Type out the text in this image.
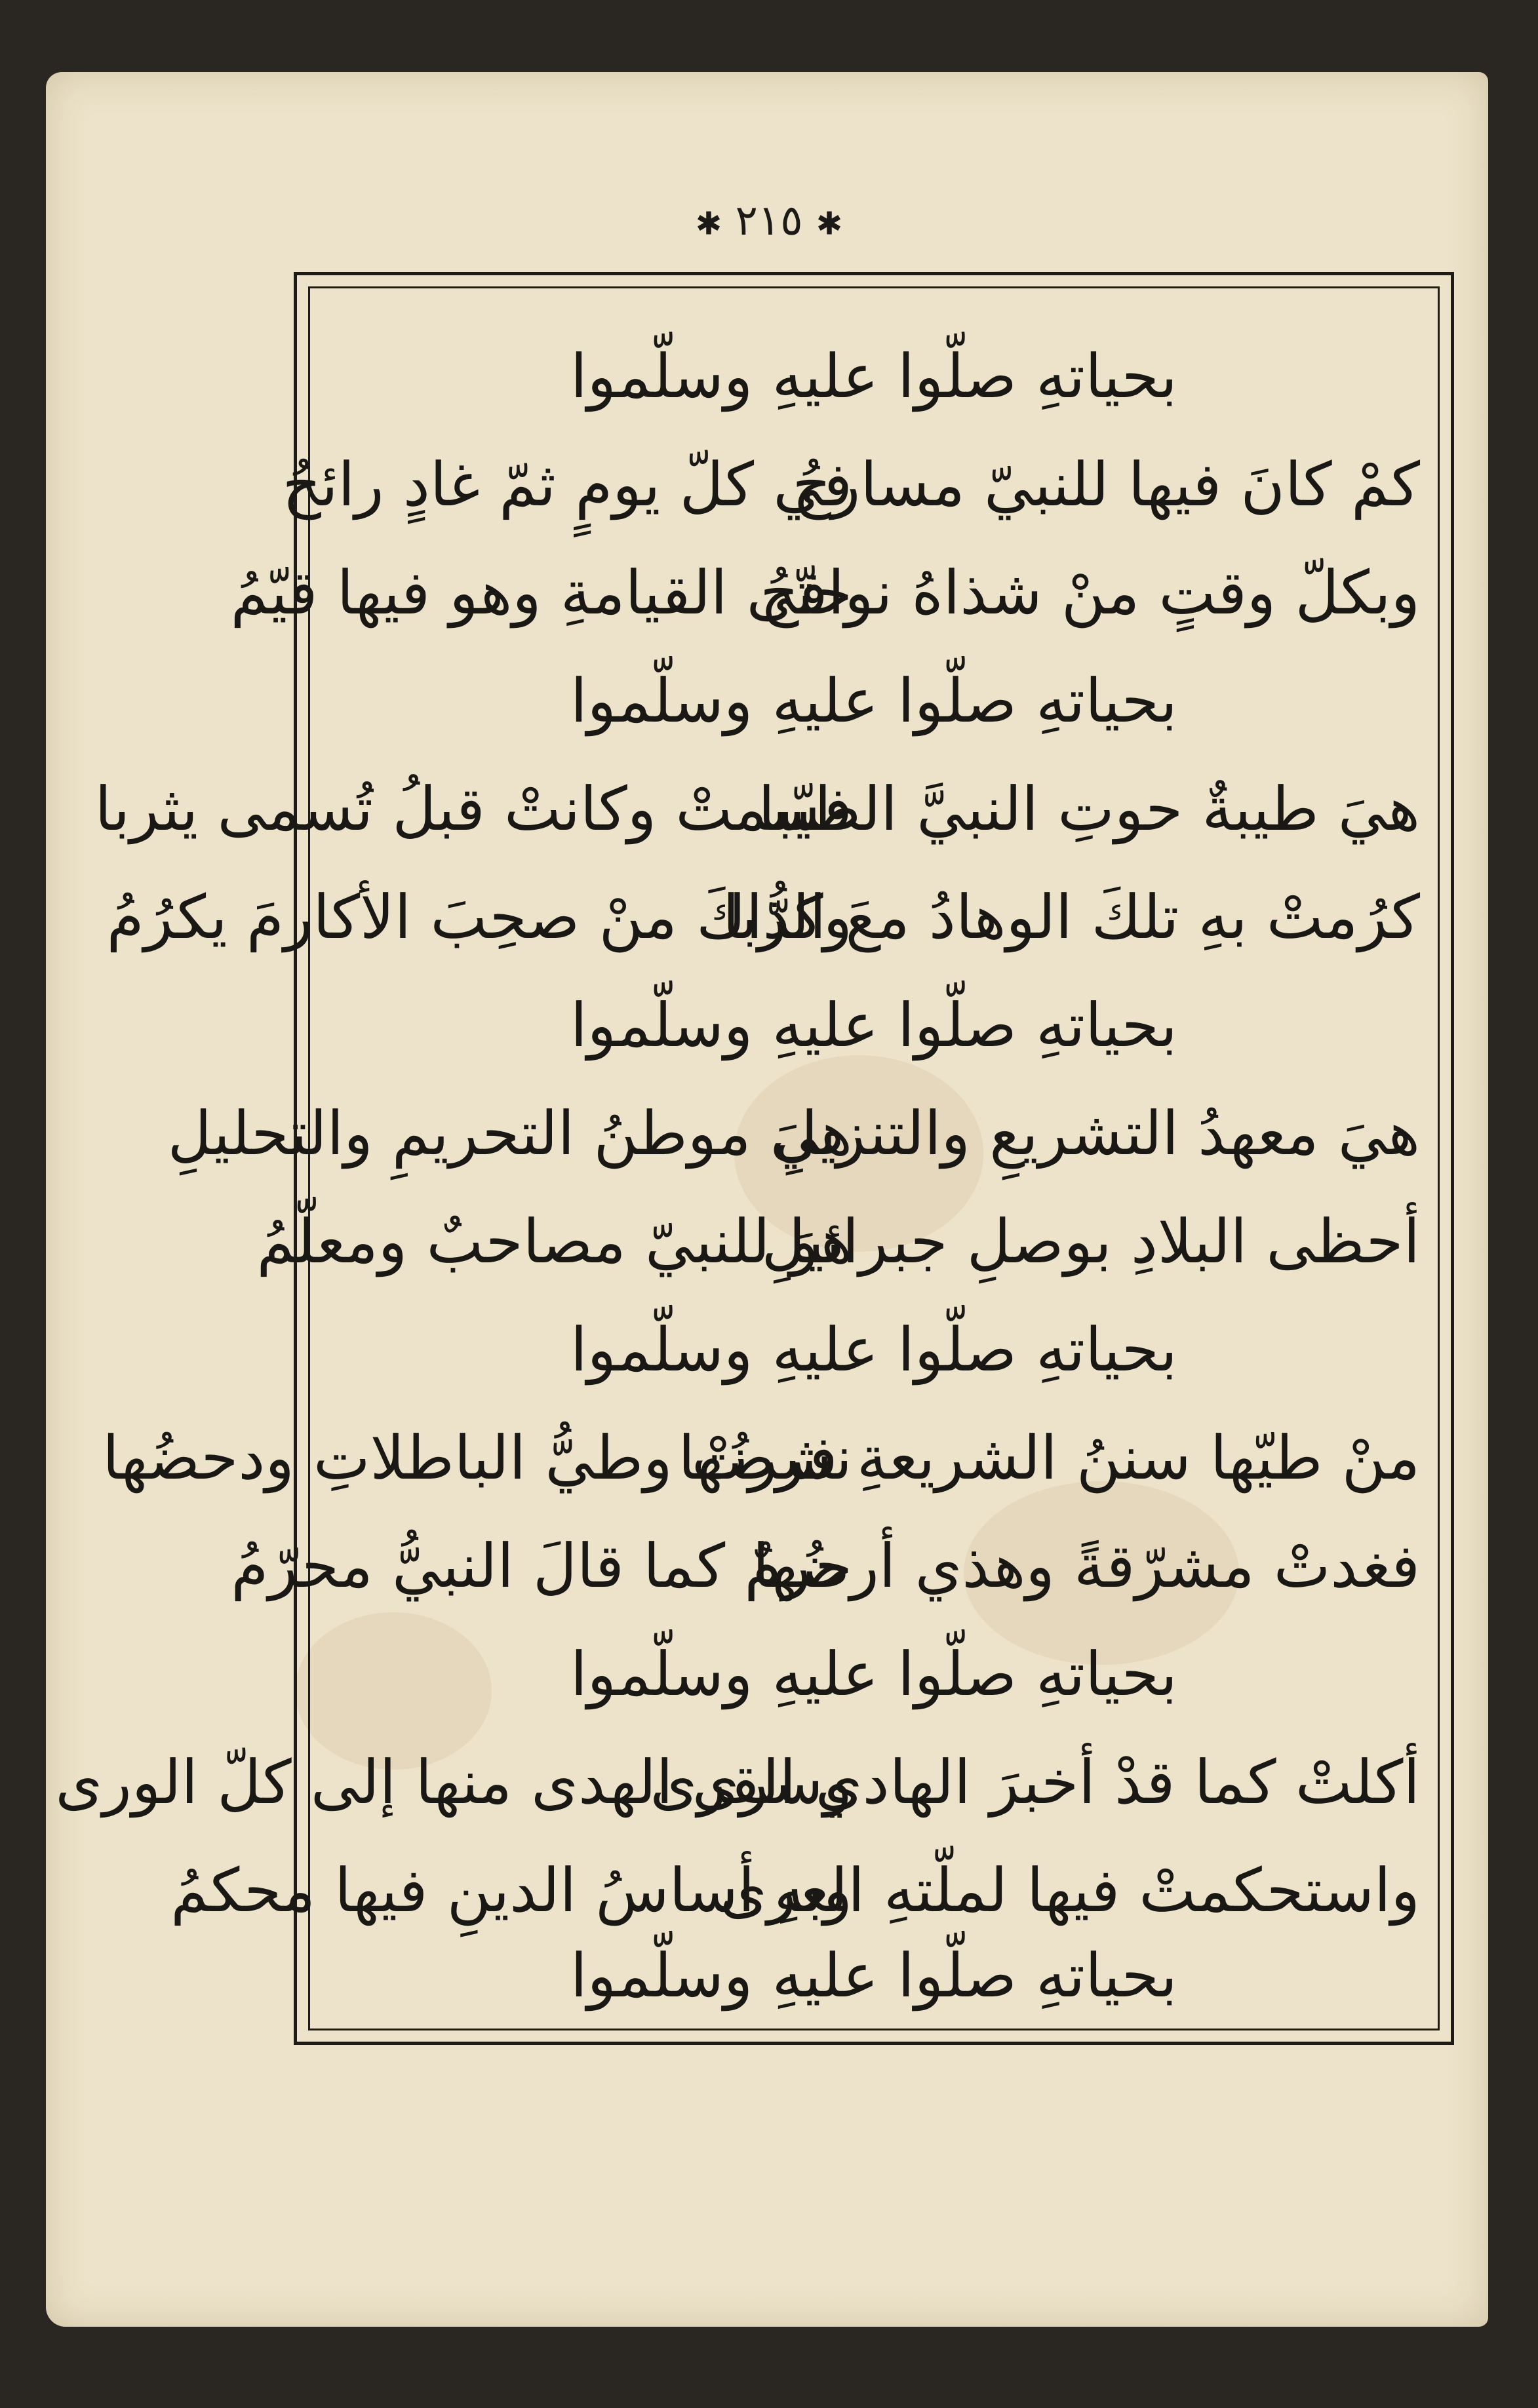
✱ ٢١٥ ✱
بحياتهِ صلّوا عليهِ وسلّموا
كمْ كانَ فيها للنبيّ مسارحُ
في كلّ يومٍ ثمّ غادٍ رائحُ
وبكلّ وقتٍ منْ شذاهُ نوافحُ
حتّى القيامةِ وهو فيها قيّمُ
بحياتهِ صلّوا عليهِ وسلّموا
هيَ طيبةٌ حوتِ النبيَّ الطيّبا
فسمتْ وكانتْ قبلُ تُسمى يثربا
كرُمتْ بهِ تلكَ الوهادُ معَ الرُّبا
وكذاكَ منْ صحِبَ الأكارمَ يكرُمُ
بحياتهِ صلّوا عليهِ وسلّموا
هيَ معهدُ التشريعِ والتنزيلِ
هيَ موطنُ التحريمِ والتحليلِ
أحظى البلادِ بوصلِ جبرائيلِ
هوَ للنبيّ مصاحبٌ ومعلّمُ
بحياتهِ صلّوا عليهِ وسلّموا
منْ طيّها سننُ الشريعةِ فرضُها
نشرتْ وطيُّ الباطلاتِ ودحضُها
فغدتْ مشرّقةً وهذي أرضُها
حرمٌ كما قالَ النبيُّ محرّمُ
بحياتهِ صلّوا عليهِ وسلّموا
أكلتْ كما قدْ أخبرَ الهادي القرى
وسرى الهدى منها إلى كلّ الورى
واستحكمتْ فيها لملّتهِ العرى
وبهِ أساسُ الدينِ فيها محكمُ
بحياتهِ صلّوا عليهِ وسلّموا
